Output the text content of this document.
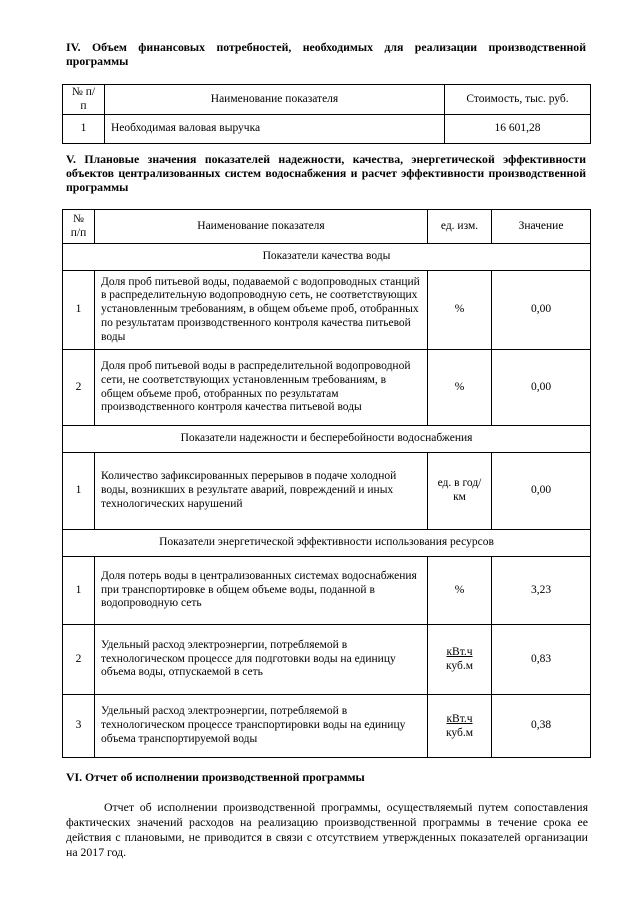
IV. Объем финансовых потребностей, необходимых для реализации производственной программы
№ п/п	Наименование показателя	Стоимость, тыс. руб.
1	Необходимая валовая выручка	16 601,28
V. Плановые значения показателей надежности, качества, энергетической эффективности объектов централизованных систем водоснабжения и расчет эффективности производственной программы
№ п/п	Наименование показателя	ед. изм.	Значение
Показатели качества воды			
1	Доля проб питьевой воды, подаваемой с водопроводных станций в распределительную водопроводную сеть, не соответствующих установленным требованиям, в общем объеме проб, отобранных по результатам производственного контроля качества питьевой воды	%	0,00
2	Доля проб питьевой воды в распределительной водопроводной сети, не соответствующих установленным требованиям, в общем объеме проб, отобранных по результатам производственного контроля качества питьевой воды	%	0,00
Показатели надежности и бесперебойности водоснабжения			
1	Количество зафиксированных перерывов в подаче холодной воды, возникших в результате аварий, повреждений и иных технологических нарушений	ед. в год/ км	0,00
Показатели энергетической эффективности использования ресурсов			
1	Доля потерь воды в централизованных системах водоснабжения при транспортировке в общем объеме воды, поданной в водопроводную сеть	%	3,23
2	Удельный расход электроэнергии, потребляемой в технологическом процессе для подготовки воды на единицу объема воды, отпускаемой в сеть	$\frac{\text{кВт.ч}}{\text{куб.м}}$	0,83
3	Удельный расход электроэнергии, потребляемой в технологическом процессе транспортировки воды на единицу объема транспортируемой воды	$\frac{\text{кВт.ч}}{\text{куб.м}}$	0,38
VI. Отчет об исполнении производственной программы
Отчет об исполнении производственной программы, осуществляемый путем сопоставления фактических значений расходов на реализацию производственной программы в течение срока ее действия с плановыми, не приводится в связи с отсутствием утвержденных показателей организации на 2017 год.
